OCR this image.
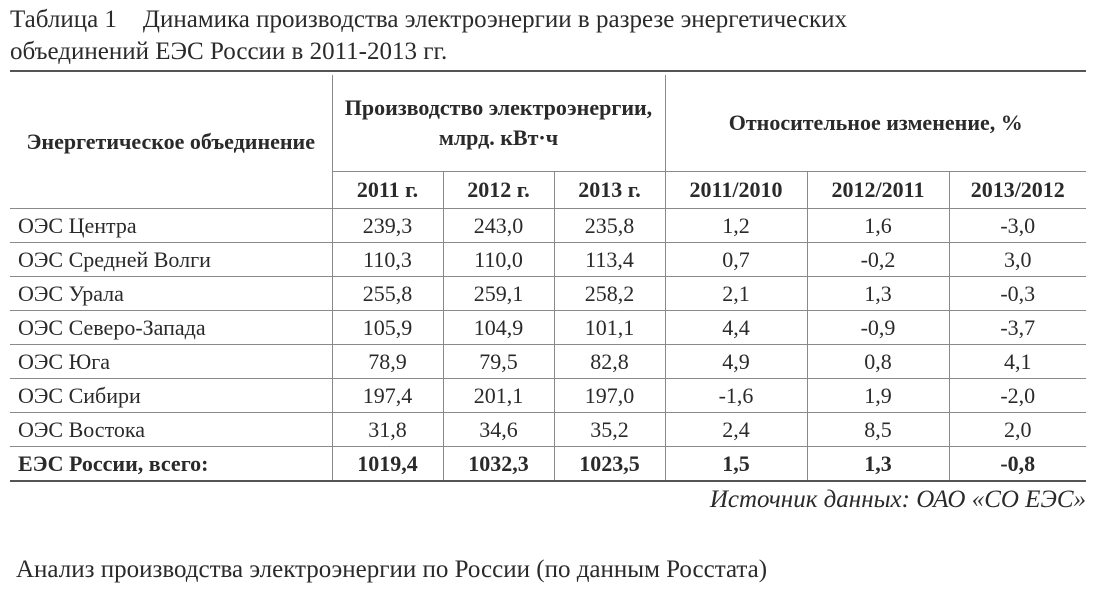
Таблица 1 Динамика производства электроэнергии в разрезе энергетических
объединений ЕЭС России в 2011-2013 гг.
Энергетическое объединение	Производство электроэнергии, млрд. кВт·ч			Относительное изменение, %		
	2011 г.	2012 г.	2013 г.	2011/2010	2012/2011	2013/2012
ОЭС Центра	239,3	243,0	235,8	1,2	1,6	-3,0
ОЭС Средней Волги	110,3	110,0	113,4	0,7	-0,2	3,0
ОЭС Урала	255,8	259,1	258,2	2,1	1,3	-0,3
ОЭС Северо-Запада	105,9	104,9	101,1	4,4	-0,9	-3,7
ОЭС Юга	78,9	79,5	82,8	4,9	0,8	4,1
ОЭС Сибири	197,4	201,1	197,0	-1,6	1,9	-2,0
ОЭС Востока	31,8	34,6	35,2	2,4	8,5	2,0
ЕЭС России, всего:	1019,4	1032,3	1023,5	1,5	1,3	-0,8
Источник данных: ОАО «СО ЕЭС»
Анализ производства электроэнергии по России (по данным Росстата)
